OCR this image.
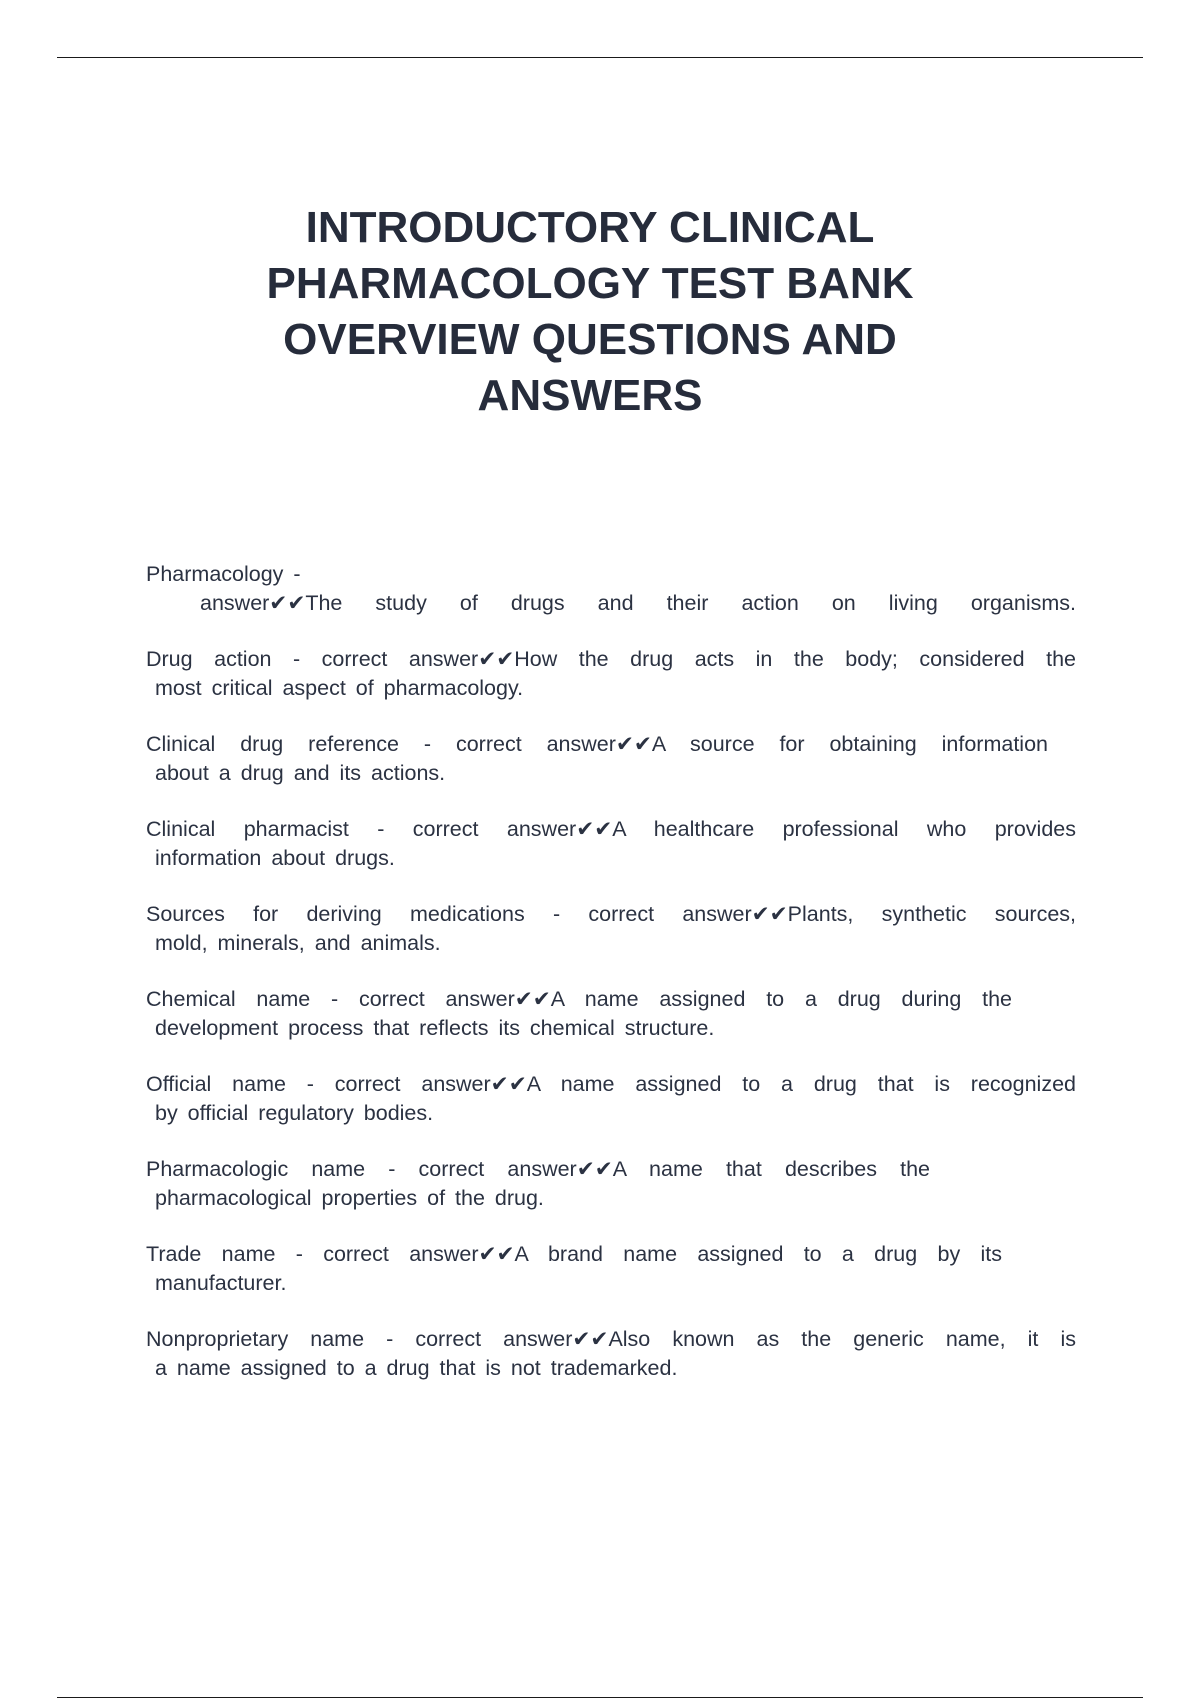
INTRODUCTORY CLINICAL
PHARMACOLOGY TEST BANK
OVERVIEW QUESTIONS AND
ANSWERS
Pharmacology -
answer✔✔The study of drugs and their action on living organisms.
Drug action - correct answer✔✔How the drug acts in the body; considered the
most critical aspect of pharmacology.
Clinical drug reference - correct answer✔✔A source for obtaining information
about a drug and its actions.
Clinical pharmacist - correct answer✔✔A healthcare professional who provides
information about drugs.
Sources for deriving medications - correct answer✔✔Plants, synthetic sources,
mold, minerals, and animals.
Chemical name - correct answer✔✔A name assigned to a drug during the
development process that reflects its chemical structure.
Official name - correct answer✔✔A name assigned to a drug that is recognized
by official regulatory bodies.
Pharmacologic name - correct answer✔✔A name that describes the
pharmacological properties of the drug.
Trade name - correct answer✔✔A brand name assigned to a drug by its
manufacturer.
Nonproprietary name - correct answer✔✔Also known as the generic name, it is
a name assigned to a drug that is not trademarked.
